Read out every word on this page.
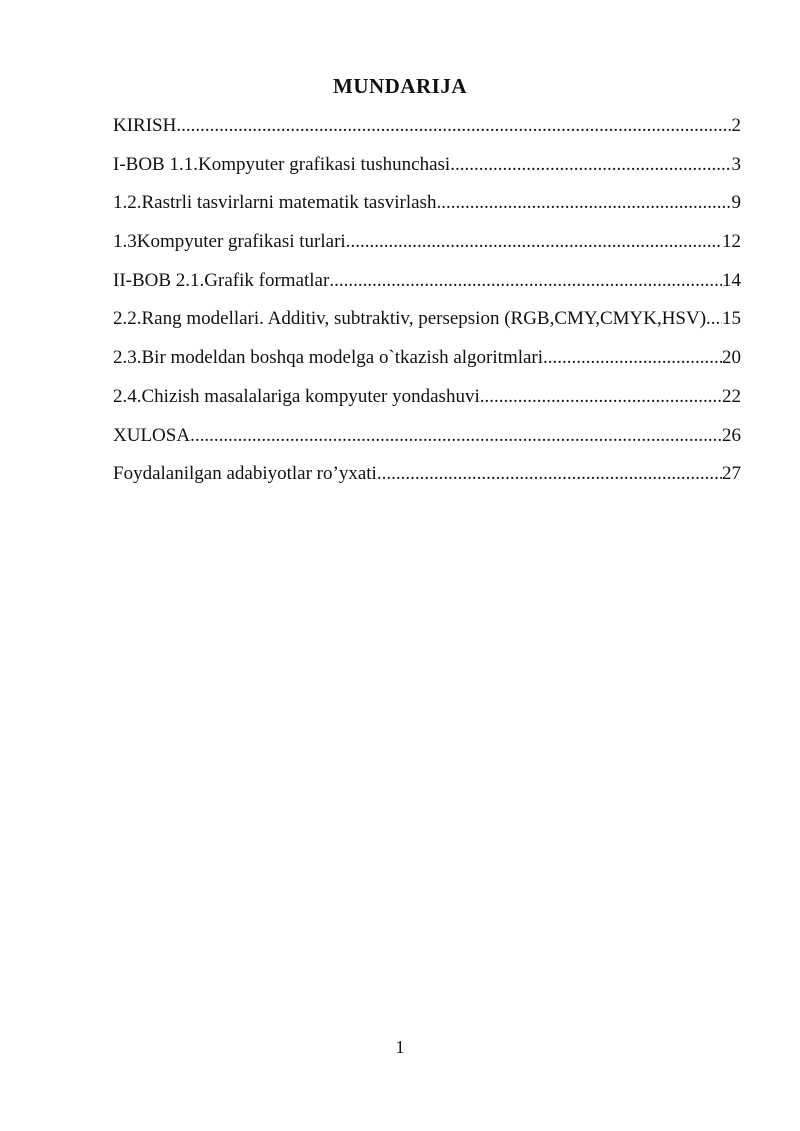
MUNDARIJA
KIRISH .....	2
I-BOB 1.1.Kompyuter grafikasi tushunchasi .....	3
1.2.Rastrli tasvirlarni matematik tasvirlash .....	9
1.3Kompyuter grafikasi turlari .....	12
II-BOB 2.1.Grafik formatlar .....	14
2.2.Rang modellari. Additiv, subtraktiv, persepsion (RGB,CMY,CMYK,HSV) ..... 15
2.3.Bir modeldan boshqa modelga o`tkazish algoritmlari .....	20
2.4.Chizish masalalariga kompyuter yondashuvi .....	22
XULOSA .....	26
Foydalanilgan adabiyotlar ro’yxati .....	27
1
